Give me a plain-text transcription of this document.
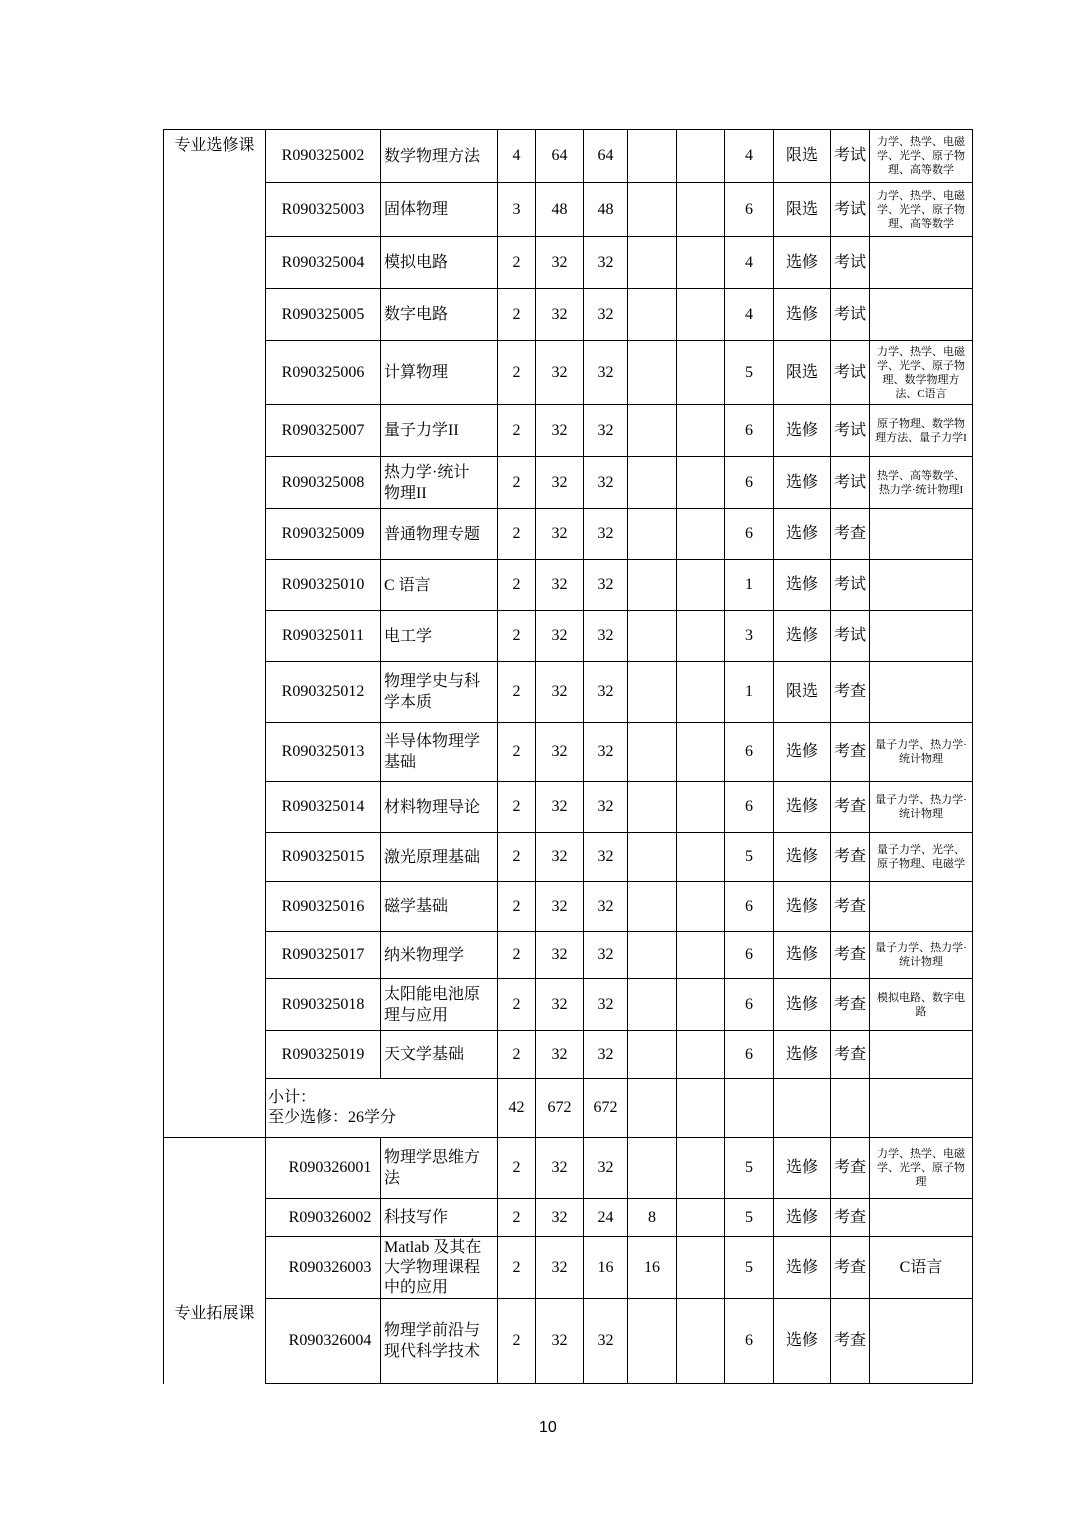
专业选修课	R090325002	数学物理方法	4	64	64			4	限选	考试	力学、热学、电磁学、光学、原子物理、高等数学
	R090325003	固体物理	3	48	48			6	限选	考试	力学、热学、电磁学、光学、原子物理、高等数学
	R090325004	模拟电路	2	32	32			4	选修	考试	
	R090325005	数字电路	2	32	32			4	选修	考试	
	R090325006	计算物理	2	32	32			5	限选	考试	力学、热学、电磁学、光学、原子物理、数学物理方法、C语言
	R090325007	量子力学II	2	32	32			6	选修	考试	原子物理、数学物理方法、量子力学I
	R090325008	热力学·统计物理II	2	32	32			6	选修	考试	热学、高等数学、热力学·统计物理I
	R090325009	普通物理专题	2	32	32			6	选修	考查	
	R090325010	C 语言	2	32	32			1	选修	考试	
	R090325011	电工学	2	32	32			3	选修	考试	
	R090325012	物理学史与科学本质	2	32	32			1	限选	考查	
	R090325013	半导体物理学基础	2	32	32			6	选修	考查	量子力学、热力学·统计物理
	R090325014	材料物理导论	2	32	32			6	选修	考查	量子力学、热力学·统计物理
	R090325015	激光原理基础	2	32	32			5	选修	考查	量子力学、光学、原子物理、电磁学
	R090325016	磁学基础	2	32	32			6	选修	考查	
	R090325017	纳米物理学	2	32	32			6	选修	考查	量子力学、热力学·统计物理
	R090325018	太阳能电池原理与应用	2	32	32			6	选修	考查	模拟电路、数字电路
	R090325019	天文学基础	2	32	32			6	选修	考查	

	小计：
至少选修：26学分		42	672	672						
专业拓展课	R090326001	物理学思维方法	2	32	32			5	选修	考查	力学、热学、电磁学、光学、原子物理
	R090326002	科技写作	2	32	24	8		5	选修	考查	
	R090326003	Matlab 及其在大学物理课程中的应用	2	32	16	16		5	选修	考查	C语言
	R090326004	物理学前沿与现代科学技术	2	32	32			6	选修	考查	
10
